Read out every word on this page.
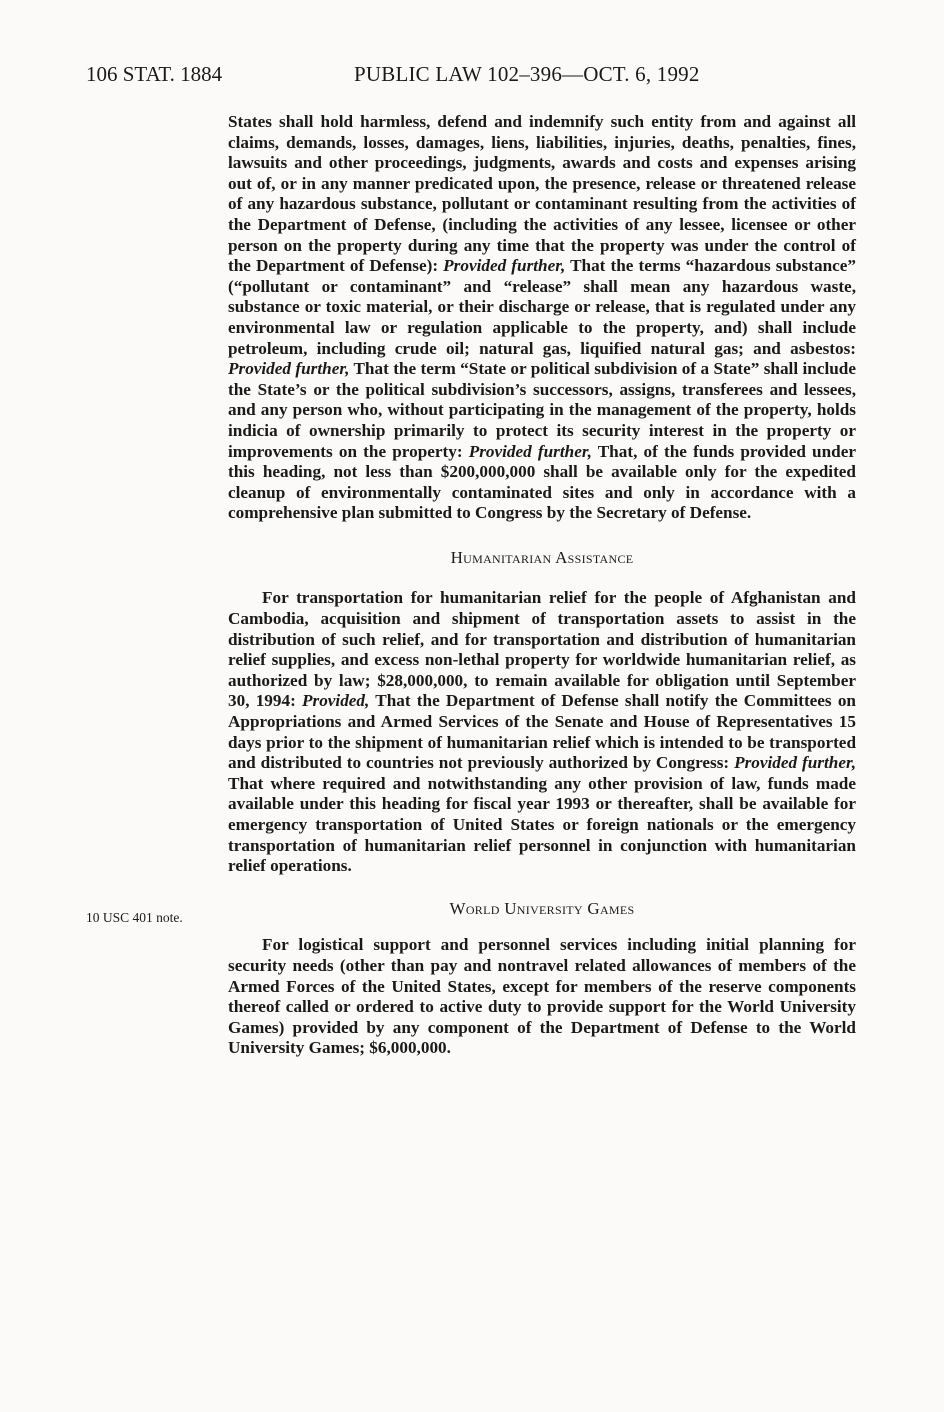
106 STAT. 1884	PUBLIC LAW 102–396—OCT. 6, 1992
10 USC 401 note.

States shall hold harmless, defend and indemnify such entity from and against all claims, demands, losses, damages, liens, liabilities, injuries, deaths, penalties, fines, lawsuits and other proceedings, judgments, awards and costs and expenses arising out of, or in any manner predicated upon, the presence, release or threatened release of any hazardous substance, pollutant or contaminant resulting from the activities of the Department of Defense, (including the activities of any lessee, licensee or other person on the property during any time that the property was under the control of the Department of Defense): Provided further, That the terms “hazardous substance” (“pollutant or contaminant” and “release” shall mean any hazardous waste, substance or toxic material, or their discharge or release, that is regulated under any environmental law or regulation applicable to the property, and) shall include petroleum, including crude oil; natural gas, liquified natural gas; and asbestos: Provided further, That the term “State or political subdivision of a State” shall include the State’s or the political subdivision’s successors, assigns, transferees and lessees, and any person who, without participating in the management of the property, holds indicia of ownership primarily to protect its security interest in the property or improvements on the property: Provided further, That, of the funds provided under this heading, not less than $200,000,000 shall be available only for the expedited cleanup of environmentally contaminated sites and only in accordance with a comprehensive plan submitted to Congress by the Secretary of Defense.

Humanitarian Assistance

For transportation for humanitarian relief for the people of Afghanistan and Cambodia, acquisition and shipment of transportation assets to assist in the distribution of such relief, and for transportation and distribution of humanitarian relief supplies, and excess non-lethal property for worldwide humanitarian relief, as authorized by law; $28,000,000, to remain available for obligation until September 30, 1994: Provided, That the Department of Defense shall notify the Committees on Appropriations and Armed Services of the Senate and House of Representatives 15 days prior to the shipment of humanitarian relief which is intended to be transported and distributed to countries not previously authorized by Congress: Provided further, That where required and notwithstanding any other provision of law, funds made available under this heading for fiscal year 1993 or thereafter, shall be available for emergency transportation of United States or foreign nationals or the emergency transportation of humanitarian relief personnel in conjunction with humanitarian relief operations.

World University Games

For logistical support and personnel services including initial planning for security needs (other than pay and nontravel related allowances of members of the Armed Forces of the United States, except for members of the reserve components thereof called or ordered to active duty to provide support for the World University Games) provided by any component of the Department of Defense to the World University Games; $6,000,000.
